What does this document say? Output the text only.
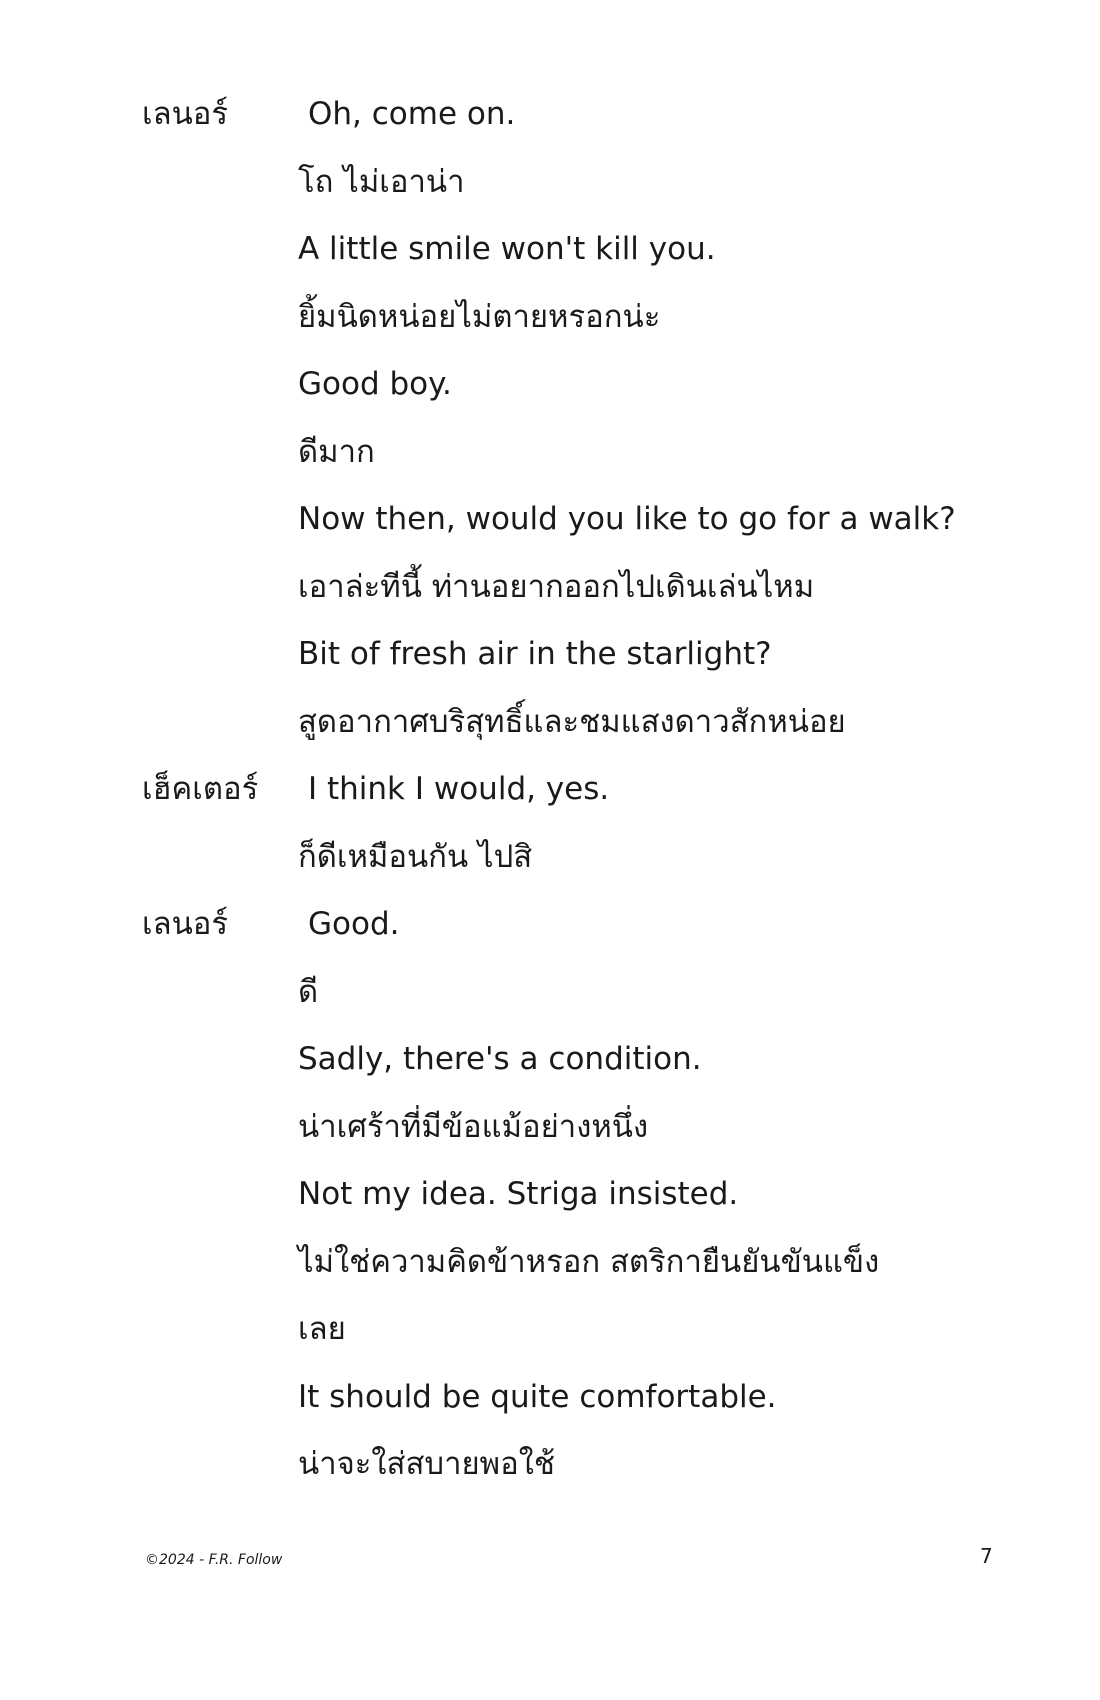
เลนอร์	Oh, come on.
โถ ไม่เอาน่า
A little smile won't kill you.
ยิ้มนิดหน่อยไม่ตายหรอกน่ะ
Good boy.
ดีมาก
Now then, would you like to go for a walk?
เอาล่ะทีนี้ ท่านอยากออกไปเดินเล่นไหม
Bit of fresh air in the starlight?
สูดอากาศบริสุทธิ์และชมแสงดาวสักหน่อย
เฮ็คเตอร์ I think I would, yes.
ก็ดีเหมือนกัน ไปสิ
เลนอร์	Good.
ดี
Sadly, there's a condition.
น่าเศร้าที่มีข้อแม้อย่างหนึ่ง
Not my idea. Striga insisted.
ไม่ใช่ความคิดข้าหรอก สตริกายืนยันขันแข็ง
เลย
It should be quite comfortable.
น่าจะใส่สบายพอใช้
©2024 - F.R. Follow	7
